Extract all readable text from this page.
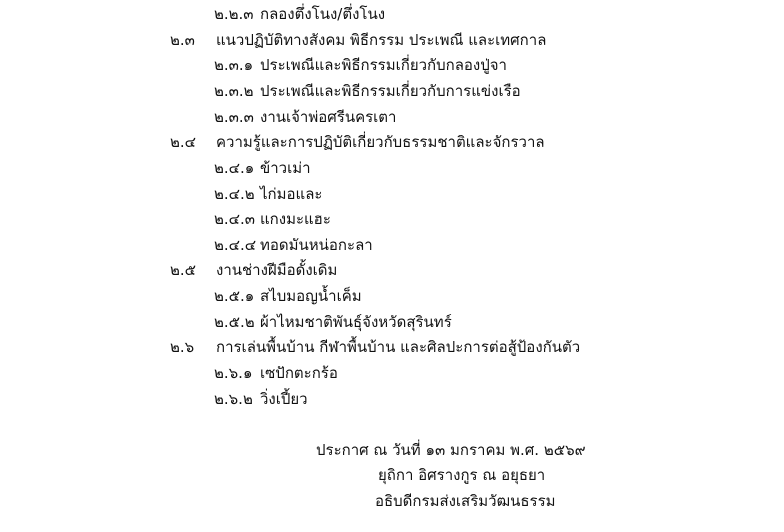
๒.๒.๓ กลองตึ่งโนง/ตึ่งโนง
๒.๓	แนวปฏิบัติทางสังคม พิธีกรรม ประเพณี และเทศกาล
๒.๓.๑ ประเพณีและพิธีกรรมเกี่ยวกับกลองปู่จา
๒.๓.๒ ประเพณีและพิธีกรรมเกี่ยวกับการแข่งเรือ
๒.๓.๓ งานเจ้าพ่อศรีนครเตา
๒.๔	ความรู้และการปฏิบัติเกี่ยวกับธรรมชาติและจักรวาล
๒.๔.๑ ข้าวเม่า
๒.๔.๒ ไก่มอและ
๒.๔.๓ แกงมะแฮะ
๒.๔.๔ ทอดมันหน่อกะลา
๒.๕	งานช่างฝีมือดั้งเดิม
๒.๕.๑ สไบมอญน้ำเค็ม
๒.๕.๒ ผ้าไหมชาติพันธุ์จังหวัดสุรินทร์
๒.๖	การเล่นพื้นบ้าน กีฬาพื้นบ้าน และศิลปะการต่อสู้ป้องกันตัว
๒.๖.๑ เซปักตะกร้อ
๒.๖.๒ วิ่งเปี้ยว
ประกาศ ณ วันที่ ๑๓ มกราคม พ.ศ. ๒๕๖๙
ยุถิกา อิศรางกูร ณ อยุธยา
อธิบดีกรมส่งเสริมวัฒนธรรม
